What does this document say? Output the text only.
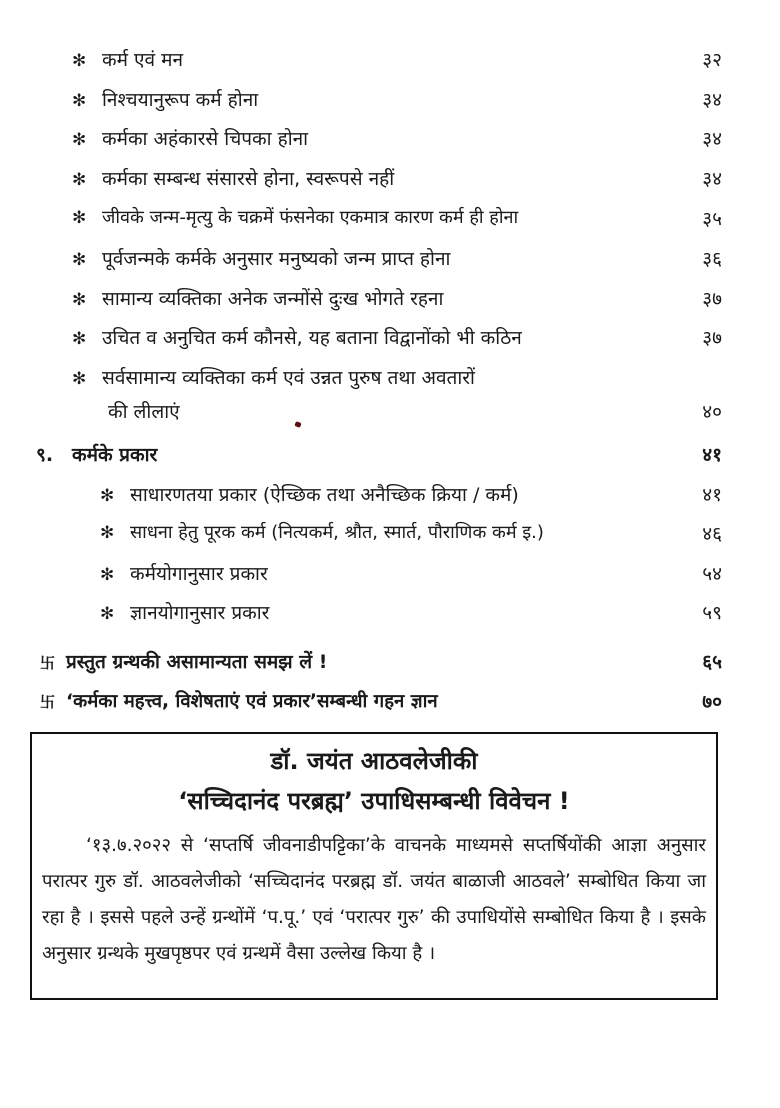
✻ कर्म एवं मन	३२
✻ निश्चयानुरूप कर्म होना	३४
✻ कर्मका अहंकारसे चिपका होना	३४
✻ कर्मका सम्बन्ध संसारसे होना, स्वरूपसे नहीं	३४
✻ जीवके जन्म-मृत्यु के चक्रमें फंसनेका एकमात्र कारण कर्म ही होना	३५
✻ पूर्वजन्मके कर्मके अनुसार मनुष्यको जन्म प्राप्त होना	३६
✻ सामान्य व्यक्तिका अनेक जन्मोंसे दुःख भोगते रहना	३७
✻ उचित व अनुचित कर्म कौनसे, यह बताना विद्वानोंको भी कठिन	३७
✻ सर्वसामान्य व्यक्तिका कर्म एवं उन्नत पुरुष तथा अवतारों
की लीलाएं	४०
९. कर्मके प्रकार	४१
✻ साधारणतया प्रकार (ऐच्छिक तथा अनैच्छिक क्रिया / कर्म)	४१
✻ साधना हेतु पूरक कर्म (नित्यकर्म, श्रौत, स्मार्त, पौराणिक कर्म इ.)	४६
✻ कर्मयोगानुसार प्रकार	५४
✻ ज्ञानयोगानुसार प्रकार	५९
卐 प्रस्तुत ग्रन्थकी असामान्यता समझ लें !	६५
卐 ‘कर्मका महत्त्व, विशेषताएं एवं प्रकार’सम्बन्धी गहन ज्ञान	७०
डॉ. जयंत आठवलेजीकी
‘सच्चिदानंद परब्रह्म’ उपाधिसम्बन्धी विवेचन !
‘१३.७.२०२२ से ‘सप्तर्षि जीवनाडीपट्टिका’के वाचनके माध्यमसे सप्तर्षियोंकी आज्ञा अनुसार परात्पर गुरु डॉ. आठवलेजीको ‘सच्चिदानंद परब्रह्म डॉ. जयंत बाळाजी आठवले’ सम्बोधित किया जा रहा है । इससे पहले उन्हें ग्रन्थोंमें ‘प.पू.’ एवं ‘परात्पर गुरु’ की उपाधियोंसे सम्बोधित किया है । इसके अनुसार ग्रन्थके मुखपृष्ठपर एवं ग्रन्थमें वैसा उल्लेख किया है ।
